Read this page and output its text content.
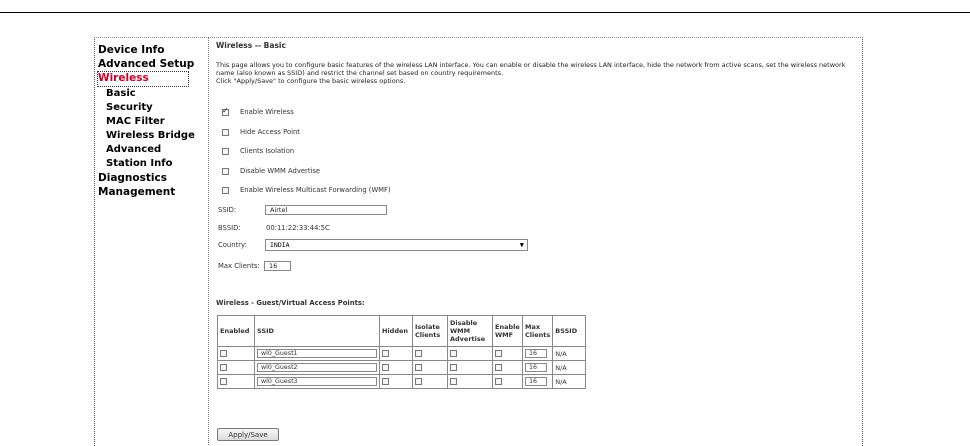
Device Info
Advanced Setup
Wireless
Basic
Security
MAC Filter
Wireless Bridge
Advanced
Station Info
Diagnostics
Management
Wireless -- Basic
This page allows you to configure basic features of the wireless LAN interface. You can enable or disable the wireless LAN interface, hide the network from active scans, set the wireless network name (also known as SSID) and restrict the channel set based on country requirements.
Click "Apply/Save" to configure the basic wireless options.
✓Enable Wireless
Hide Access Point
Clients Isolation
Disable WMM Advertise
Enable Wireless Multicast Forwarding (WMF)
SSID:	Airtel
BSSID:	00:11:22:33:44:5C
Country:	INDIA	▼
Max Clients:	16
Wireless - Guest/Virtual Access Points:
Enabled	SSID	Hidden	Isolate Clients	Disable WMM Advertise	Enable WMF	Max Clients	BSSID
	wl0_Guest1					16	N/A
	wl0_Guest2					16	N/A
	wl0_Guest3					16	N/A
Apply/Save
